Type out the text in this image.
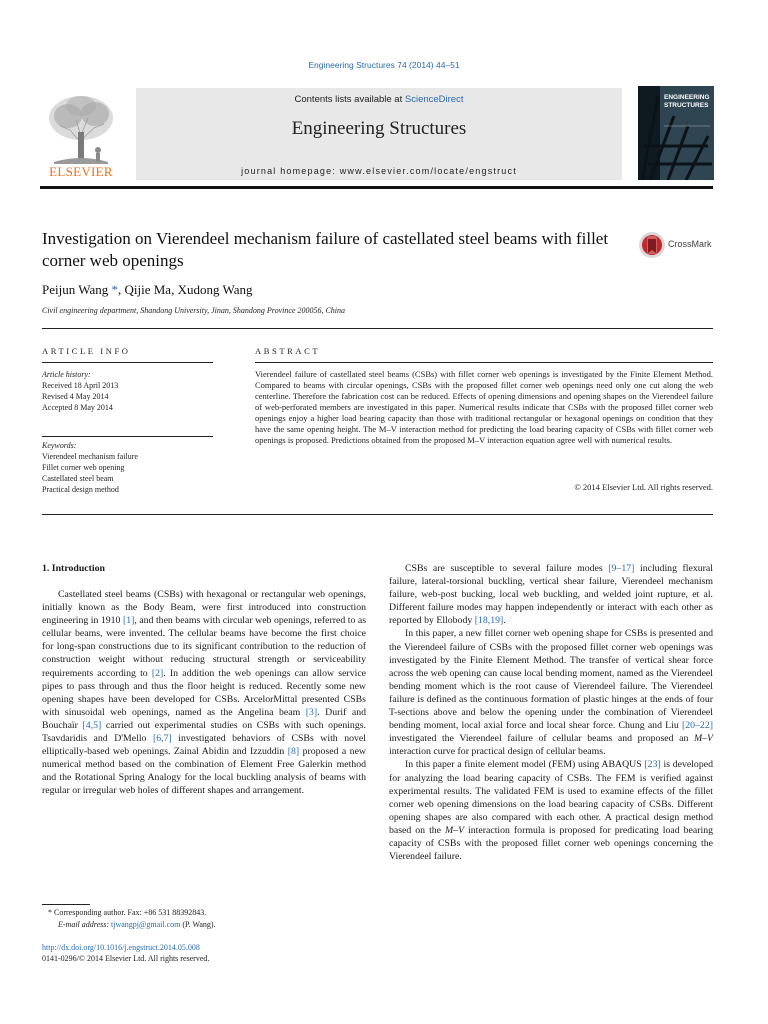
Engineering Structures 74 (2014) 44–51
ELSEVIER
Contents lists available at ScienceDirect
Engineering Structures
journal homepage: www.elsevier.com/locate/engstruct
ENGINEERING
STRUCTURES
Investigation on Vierendeel mechanism failure of castellated steel beams with fillet corner web openings
CrossMark
Peijun Wang *, Qijie Ma, Xudong Wang
Civil engineering department, Shandong University, Jinan, Shandong Province 200056, China
ARTICLE INFO
Article history:
Received 18 April 2013
Revised 4 May 2014
Accepted 8 May 2014
Keywords:
Vierendeel mechanism failure
Fillet corner web opening
Castellated steel beam
Practical design method
ABSTRACT
Vierendeel failure of castellated steel beams (CSBs) with fillet corner web openings is investigated by the Finite Element Method. Compared to beams with circular openings, CSBs with the proposed fillet corner web openings need only one cut along the web centerline. Therefore the fabrication cost can be reduced. Effects of opening dimensions and opening shapes on the Vierendeel failure of web-perforated members are investigated in this paper. Numerical results indicate that CSBs with the proposed fillet corner web openings enjoy a higher load bearing capacity than those with traditional rectangular or hexagonal openings on condition that they have the same opening height. The M–V interaction method for predicting the load bearing capacity of CSBs with fillet corner web openings is proposed. Predictions obtained from the proposed M–V interaction equation agree well with numerical results.
© 2014 Elsevier Ltd. All rights reserved.
1. Introduction

Castellated steel beams (CSBs) with hexagonal or rectangular web openings, initially known as the Body Beam, were first introduced into construction engineering in 1910 [1], and then beams with circular web openings, referred to as cellular beams, were invented. The cellular beams have become the first choice for long-span constructions due to its significant contribution to the reduction of construction weight without reducing structural strength or serviceability requirements according to [2]. In addition the web openings can allow service pipes to pass through and thus the floor height is reduced. Recently some new opening shapes have been developed for CSBs. ArcelorMittal presented CSBs with sinusoidal web openings, named as the Angelina beam [3]. Durif and Bouchaïr [4,5] carried out experimental studies on CSBs with such openings. Tsavdaridis and D'Mello [6,7] investigated behaviors of CSBs with novel elliptically-based web openings. Zainal Abidin and Izzuddin [8] proposed a new numerical method based on the combination of Element Free Galerkin method and the Rotational Spring Analogy for the local buckling analysis of beams with regular or irregular web holes of different shapes and arrangement.

CSBs are susceptible to several failure modes [9–17] including flexural failure, lateral-torsional buckling, vertical shear failure, Vierendeel mechanism failure, web-post bucking, local web buckling, and welded joint rupture, et al. Different failure modes may happen independently or interact with each other as reported by Ellobody [18,19].

In this paper, a new fillet corner web opening shape for CSBs is presented and the Vierendeel failure of CSBs with the proposed fillet corner web openings was investigated by the Finite Element Method. The transfer of vertical shear force across the web opening can cause local bending moment, named as the Vierendeel bending moment which is the root cause of Vierendeel failure. The Vierendeel failure is defined as the continuous formation of plastic hinges at the ends of four T-sections above and below the opening under the combination of Vierendeel bending moment, local axial force and local shear force. Chung and Liu [20–22] investigated the Vierendeel failure of cellular beams and proposed an M–V interaction curve for practical design of cellular beams.

In this paper a finite element model (FEM) using ABAQUS [23] is developed for analyzing the load bearing capacity of CSBs. The FEM is verified against experimental results. The validated FEM is used to examine effects of the fillet corner web opening dimensions on the load bearing capacity of CSBs. Different opening shapes are also compared with each other. A practical design method based on the M–V interaction formula is proposed for predicating load bearing capacity of CSBs with the proposed fillet corner web openings concerning the Vierendeel failure.

* Corresponding author. Fax: +86 531 88392843.
E-mail address: tjwangpj@gmail.com (P. Wang).
http://dx.doi.org/10.1016/j.engstruct.2014.05.008
0141-0296/© 2014 Elsevier Ltd. All rights reserved.
